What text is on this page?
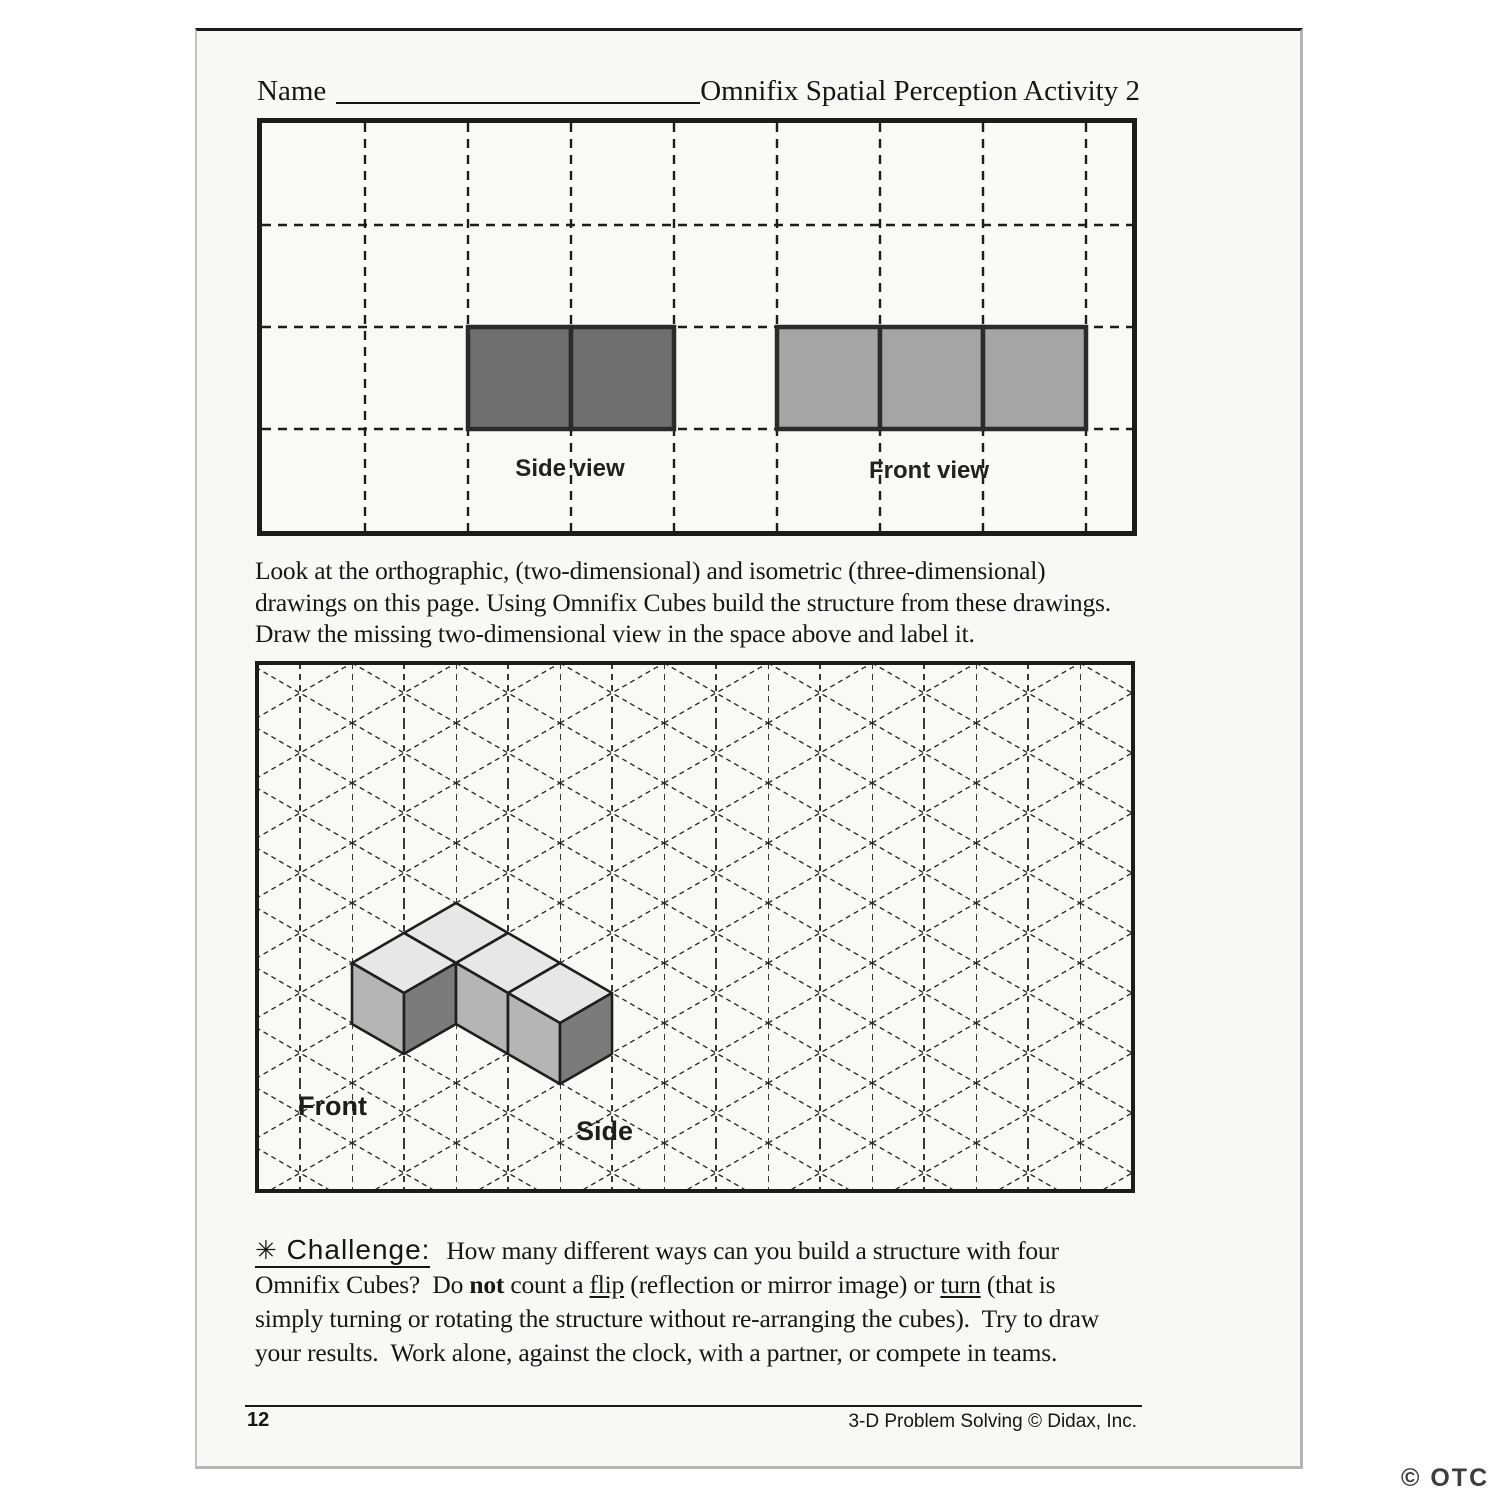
Name	Omnifix Spatial Perception Activity 2
Side view	Front view
Look at the orthographic, (two-dimensional) and isometric (three-dimensional)
drawings on this page. Using Omnifix Cubes build the structure from these drawings.
Draw the missing two-dimensional view in the space above and label it.
Front
Side
✳ Challenge: How many different ways can you build a structure with four
Omnifix Cubes?  Do not count a flip (reflection or mirror image) or turn (that is
simply turning or rotating the structure without re-arranging the cubes).  Try to draw
your results.  Work alone, against the clock, with a partner, or compete in teams.
12	3-D Problem Solving © Didax, Inc.
© OTC
